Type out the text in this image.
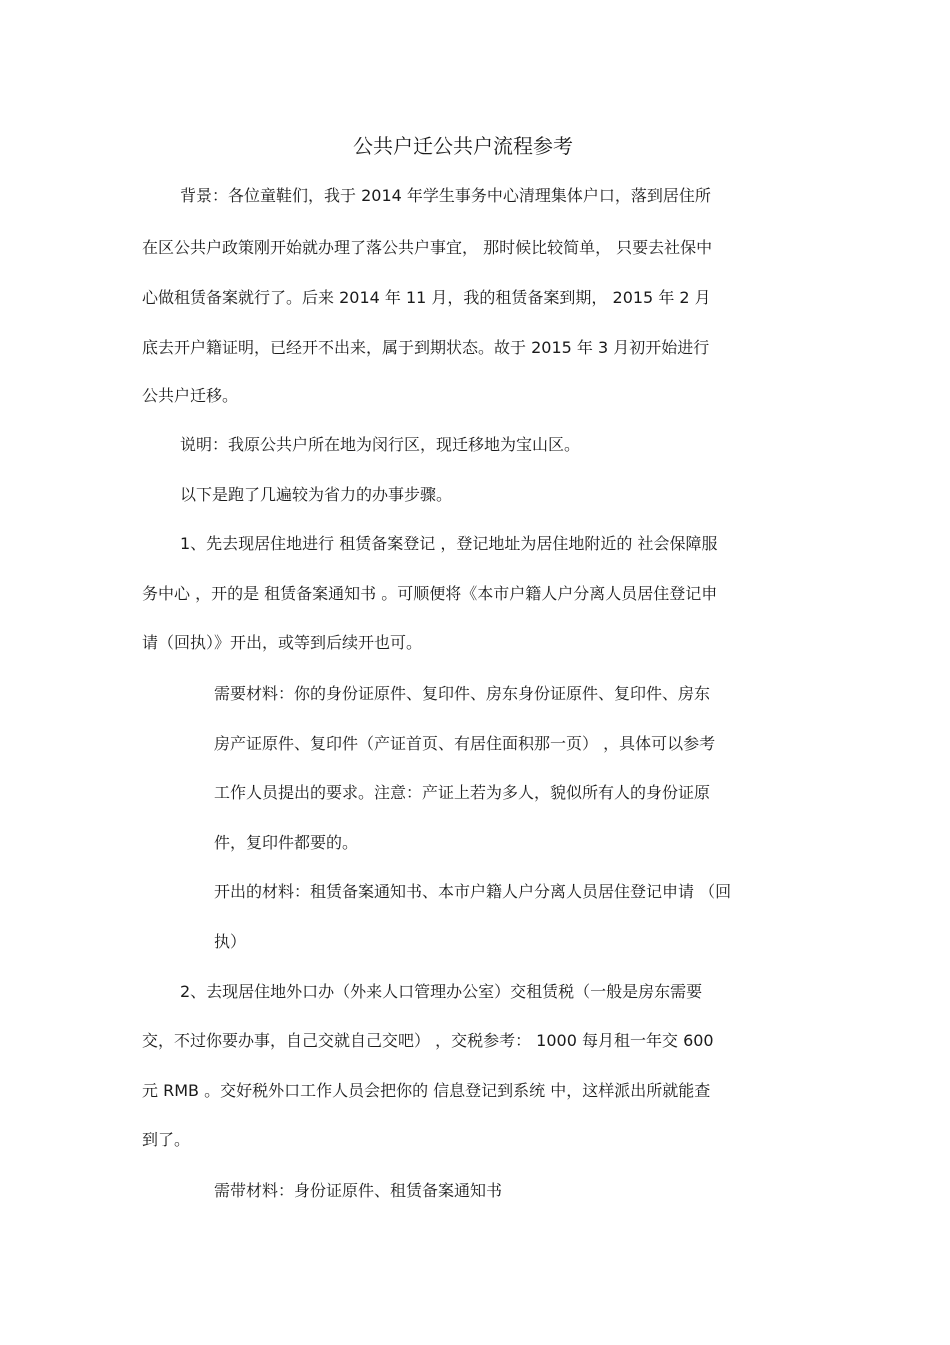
公共户迁公共户流程参考
背景：各位童鞋们，我于 2014 年学生事务中心清理集体户口，落到居住所
在区公共户政策刚开始就办理了落公共户事宜， 那时候比较简单， 只要去社保中
心做租赁备案就行了。后来 2014 年 11 月，我的租赁备案到期， 2015 年 2 月
底去开户籍证明，已经开不出来，属于到期状态。故于 2015 年 3 月初开始进行
公共户迁移。
说明：我原公共户所在地为闵行区，现迁移地为宝山区。
以下是跑了几遍较为省力的办事步骤。
1、先去现居住地进行 租赁备案登记 ，登记地址为居住地附近的 社会保障服
务中心 ，开的是 租赁备案通知书 。可顺便将《本市户籍人户分离人员居住登记申
请（回执）》开出，或等到后续开也可。
需要材料：你的身份证原件、复印件、房东身份证原件、复印件、房东
房产证原件、复印件（产证首页、有居住面积那一页） ，具体可以参考
工作人员提出的要求。注意：产证上若为多人，貌似所有人的身份证原
件，复印件都要的。
开出的材料：租赁备案通知书、本市户籍人户分离人员居住登记申请 （回
执）
2、去现居住地外口办（外来人口管理办公室）交租赁税（一般是房东需要
交，不过你要办事，自己交就自己交吧） ，交税参考： 1000 每月租一年交 600
元 RMB 。交好税外口工作人员会把你的 信息登记到系统 中，这样派出所就能查
到了。
需带材料：身份证原件、租赁备案通知书
